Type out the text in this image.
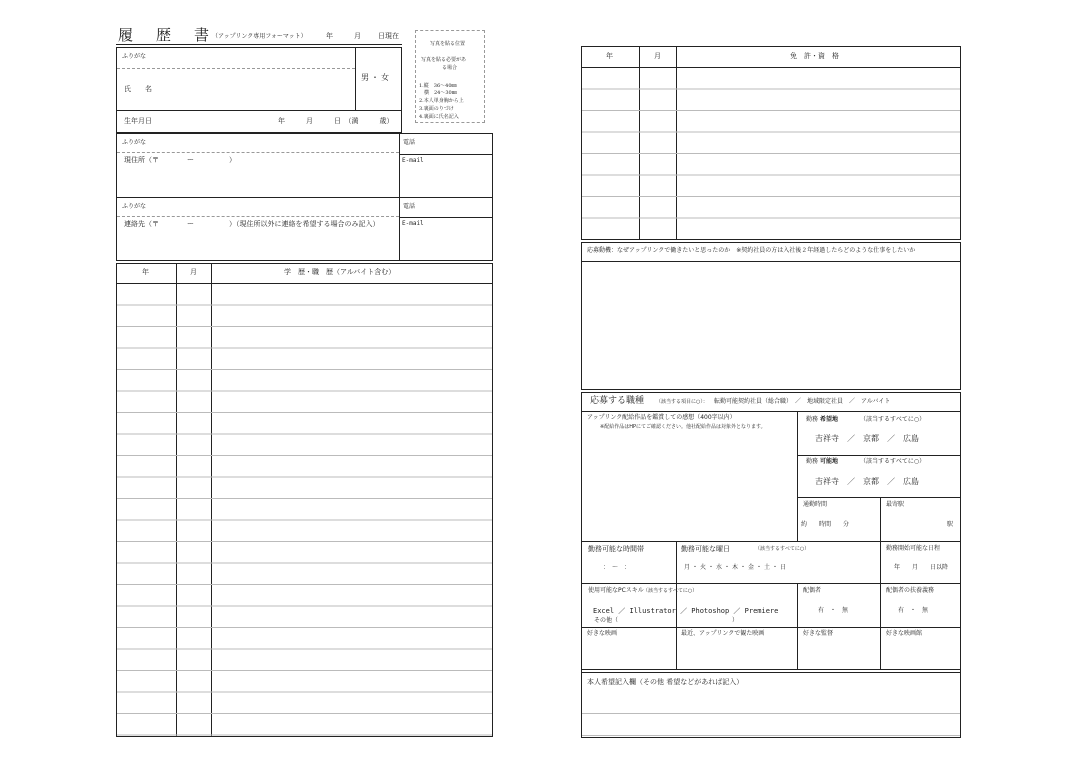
履　歴　書
（アップリンク専用フォーマット）	年	月 日現在
写真を貼る位置
写真を貼る必要があ
る場合
1.縦　36～40㎜
　横　24～30㎜
2.本人単身胸から上
3.裏面のりづけ
4.裏面に氏名記入
ふりがな
氏　　名
男・女
生年月日	年　　　月　　　日　（満　　　歳）
ふりがな
現住所（〒　　　　ー　　　　　）
電話
E-mail
ふりがな
連絡先（〒　　　　ー　　　　　）（現住所以外に連絡を希望する場合のみ記入）
電話
E-mail
年	月	学　歴・職　歴（アルバイト含む）
年	月	免　許・資　格
応募動機：なぜアップリンクで働きたいと思ったのか　※契約社員の方は入社後２年経過したらどのような仕事をしたいか
応募する職種 （該当する項目に○）： 転勤可能契約社員（総合職）　／　地域限定社員　／　アルバイト
アップリンク配給作品を鑑賞しての感想（400字以内）
※配給作品はHPにてご確認ください。他社配給作品は対象外となります。
勤務 希望地	（該当するすべてに○）
吉祥寺　／　京都　／　広島
勤務 可能地	（該当するすべてに○）
吉祥寺　／　京都　／　広島
通勤時間
約　　時間　　分
最寄駅
駅
勤務可能な時間帯
：　〜　：
勤務可能な曜日	（該当するすべてに○）
月・火・水・木・金・土・日
勤務開始可能な日程
年　　月　　日以降
使用可能なPCスキル （該当するすべてに○）
Excel ／ Illustrator ／ Photoshop ／ Premiere
その他（　　　　　　　　　　　　　　　　　　　）
配偶者
有　・　無
配偶者の扶養義務
有　・　無
好きな映画	最近、アップリンクで観た映画	好きな監督	好きな映画館
本人希望記入欄（その他 希望などがあれば記入）
